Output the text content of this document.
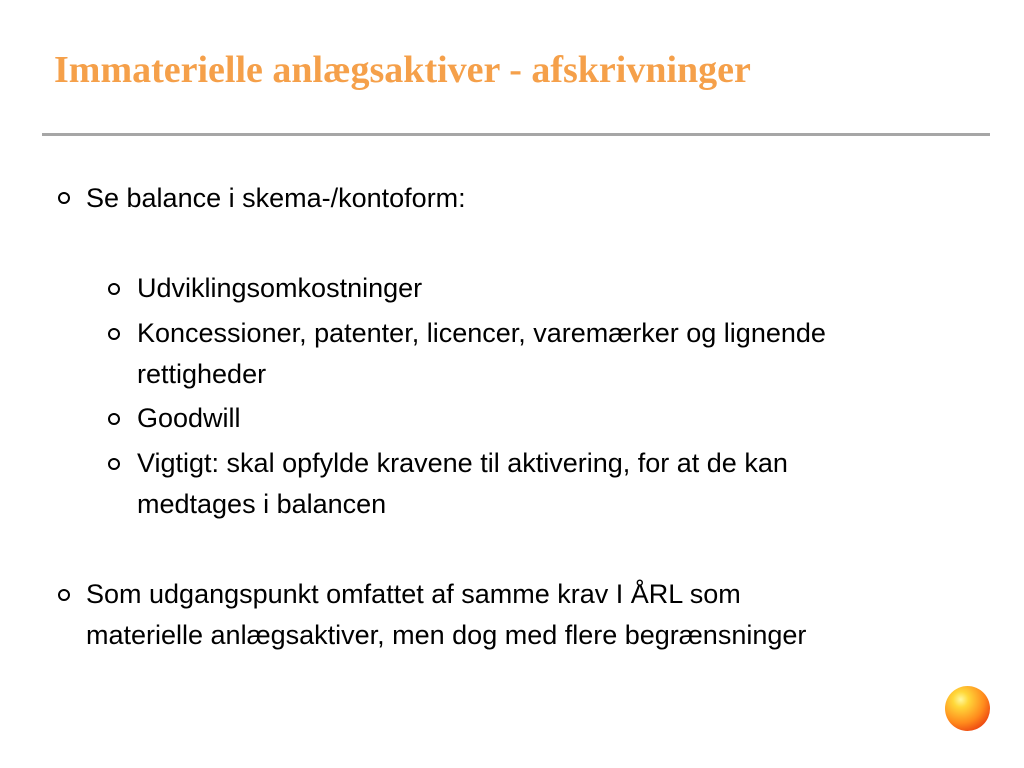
Immaterielle anlægsaktiver - afskrivninger
Se balance i skema-/kontoform:
Udviklingsomkostninger
Koncessioner, patenter, licencer, varemærker og lignende
rettigheder
Goodwill
Vigtigt: skal opfylde kravene til aktivering, for at de kan
medtages i balancen
Som udgangspunkt omfattet af samme krav I ÅRL som
materielle anlægsaktiver, men dog med flere begrænsninger
